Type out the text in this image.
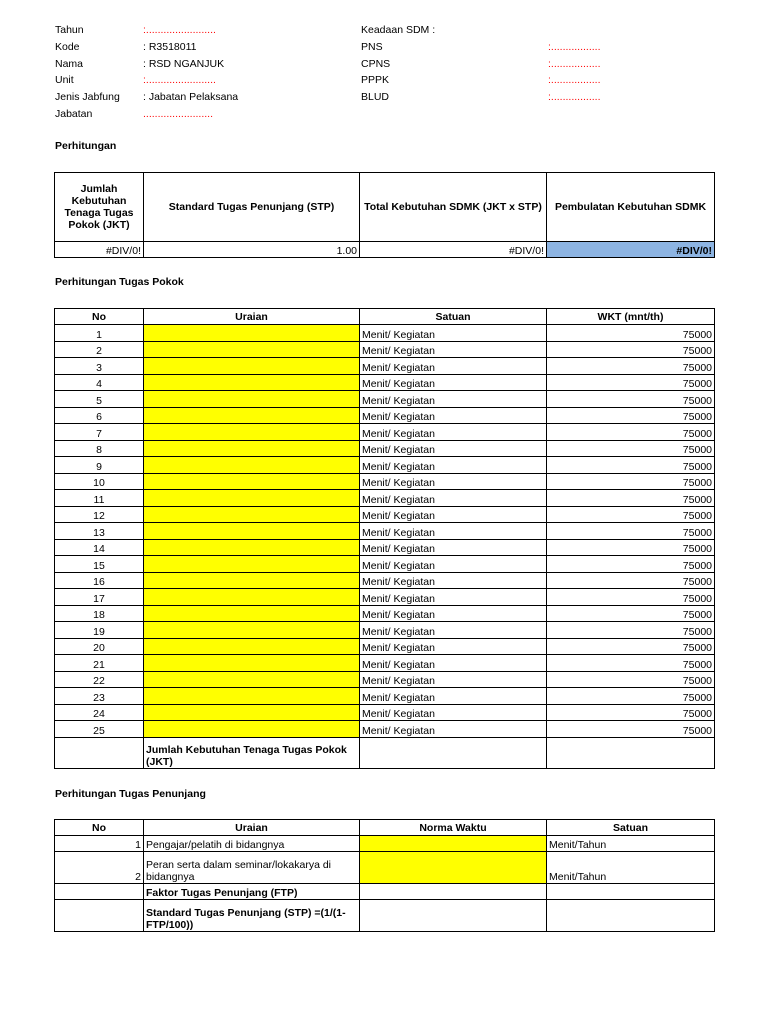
Tahun	:........................
Kode	: R3518011
Nama	: RSD NGANJUK
Unit	:........................
Jenis Jabfung : Jabatan Pelaksana
Jabatan	........................
Keadaan SDM :
PNS	:.................
CPNS	:.................
PPPK	:.................
BLUD	:.................
Perhitungan
Jumlah Kebutuhan Tenaga Tugas Pokok (JKT)	Standard Tugas Penunjang (STP)	Total Kebutuhan SDMK (JKT x STP)	Pembulatan Kebutuhan SDMK
#DIV/0!	1.00	#DIV/0!	#DIV/0!
Perhitungan Tugas Pokok
No	Uraian	Satuan	WKT (mnt/th)
1		Menit/ Kegiatan	75000
2		Menit/ Kegiatan	75000
3		Menit/ Kegiatan	75000
4		Menit/ Kegiatan	75000
5		Menit/ Kegiatan	75000
6		Menit/ Kegiatan	75000
7		Menit/ Kegiatan	75000
8		Menit/ Kegiatan	75000
9		Menit/ Kegiatan	75000
10		Menit/ Kegiatan	75000
11		Menit/ Kegiatan	75000
12		Menit/ Kegiatan	75000
13		Menit/ Kegiatan	75000
14		Menit/ Kegiatan	75000
15		Menit/ Kegiatan	75000
16		Menit/ Kegiatan	75000
17		Menit/ Kegiatan	75000
18		Menit/ Kegiatan	75000
19		Menit/ Kegiatan	75000
20		Menit/ Kegiatan	75000
21		Menit/ Kegiatan	75000
22		Menit/ Kegiatan	75000
23		Menit/ Kegiatan	75000
24		Menit/ Kegiatan	75000
25		Menit/ Kegiatan	75000
	Jumlah Kebutuhan Tenaga Tugas Pokok (JKT)		
Perhitungan Tugas Penunjang
No	Uraian	Norma Waktu	Satuan
1	Pengajar/pelatih di bidangnya		Menit/Tahun
2	Peran serta dalam seminar/lokakarya di bidangnya		Menit/Tahun
	Faktor Tugas Penunjang (FTP)		
	Standard Tugas Penunjang (STP) =(1/(1-FTP/100))		
